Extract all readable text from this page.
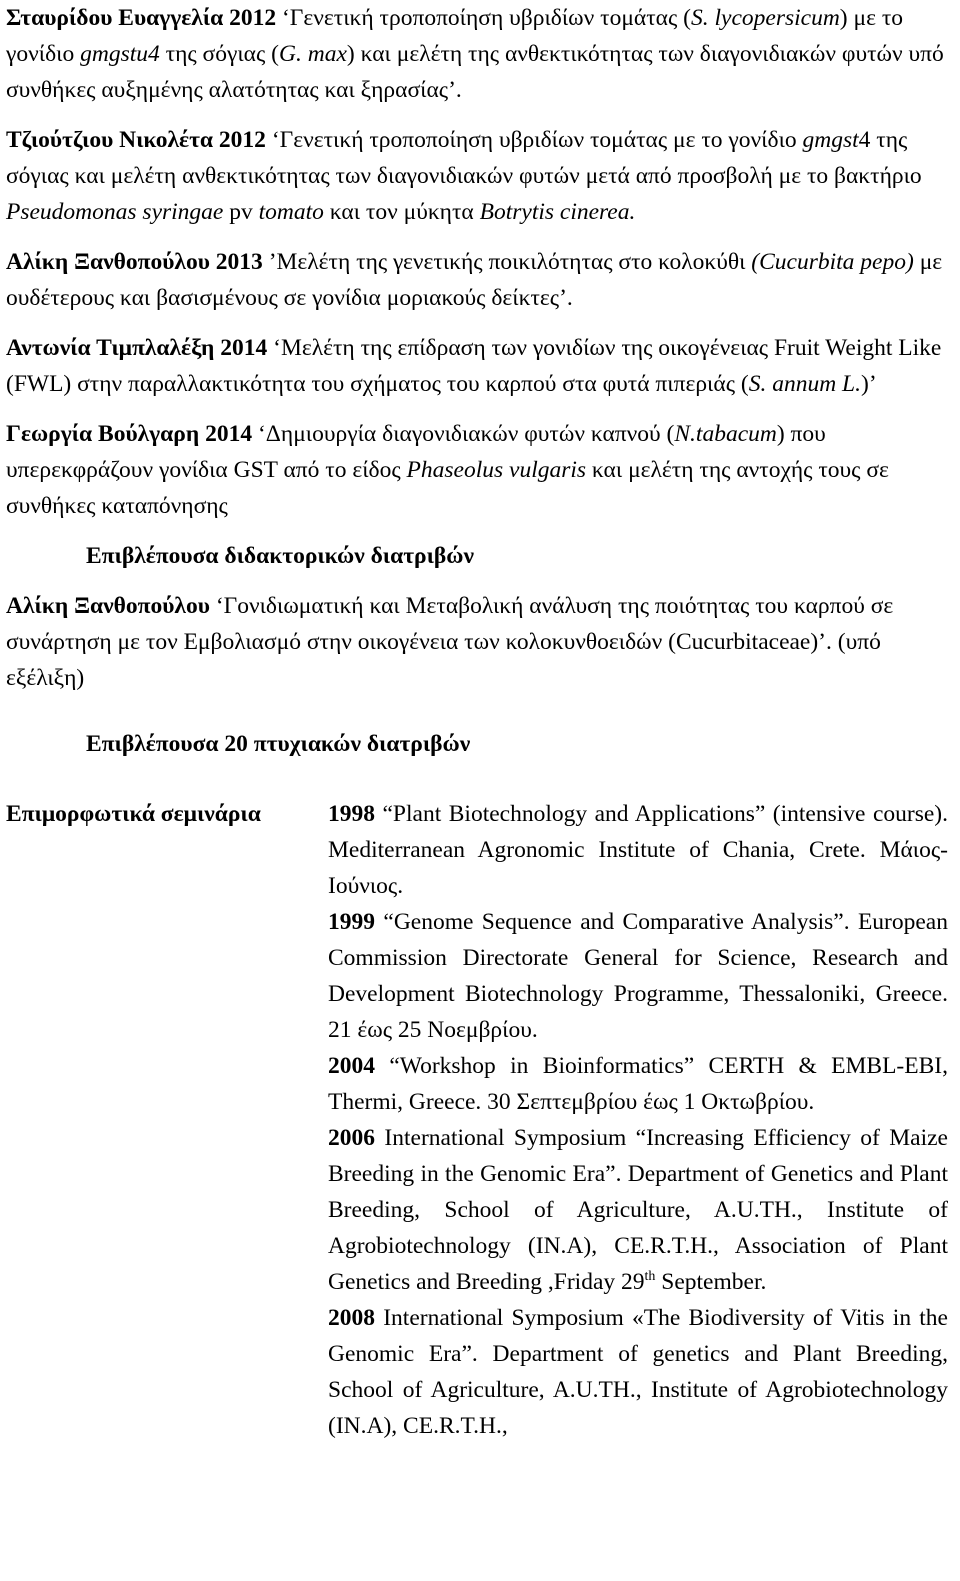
Σταυρίδου Ευαγγελία 2012 ‘Γενετική τροποποίηση υβριδίων τομάτας (S. lycopersicum) με το γονίδιο gmgstu4 της σόγιας (G. max) και μελέτη της ανθεκτικότητας των διαγονιδιακών φυτών υπό συνθήκες αυξημένης αλατότητας και ξηρασίας’.
Τζιούτζιου Νικολέτα 2012 ‘Γενετική τροποποίηση υβριδίων τομάτας με το γονίδιο gmgst4 της σόγιας και μελέτη ανθεκτικότητας των διαγονιδιακών φυτών μετά από προσβολή με το βακτήριο Pseudomonas syringae pv tomato και τον μύκητα Botrytis cinerea.
Αλίκη Ξανθοπούλου 2013 ’Μελέτη της γενετικής ποικιλότητας στο κολοκύθι (Cucurbita pepo) με ουδέτερους και βασισμένους σε γονίδια μοριακούς δείκτες’.
Αντωνία Τιμπλαλέξη 2014 ‘Μελέτη της επίδραση των γονιδίων της οικογένειας Fruit Weight Like (FWL) στην παραλλακτικότητα του σχήματος του καρπού στα φυτά πιπεριάς (S. annum L.)’
Γεωργία Βούλγαρη 2014 ‘Δημιουργία διαγονιδιακών φυτών καπνού (N.tabacum) που υπερεκφράζουν γονίδια GST από το είδος Phaseolus vulgaris και μελέτη της αντοχής τους σε συνθήκες καταπόνησης
Επιβλέπουσα διδακτορικών διατριβών
Αλίκη Ξανθοπούλου ‘Γονιδιωματική και Μεταβολική ανάλυση της ποιότητας του καρπού σε συνάρτηση με τον Εμβολιασμό στην οικογένεια των κολοκυνθοειδών (Cucurbitaceae)’. (υπό εξέλιξη)
Επιβλέπουσα 20 πτυχιακών διατριβών
Επιμορφωτικά σεμινάρια	1998 “Plant Biotechnology and Applications” (intensive course). Mediterranean Agronomic Institute of Chania, Crete. Μάιος-Ιούνιος.
1999 “Genome Sequence and Comparative Analysis”. European Commission Directorate General for Science, Research and Development Biotechnology Programme, Thessaloniki, Greece. 21 έως 25 Νοεμβρίου.
2004 “Workshop in Bioinformatics” CERTH & EMBL-EBI, Thermi, Greece. 30 Σεπτεμβρίου έως 1 Οκτωβρίου.
2006 International Symposium “Increasing Efficiency of Maize Breeding in the Genomic Era”. Department of Genetics and Plant Breeding, School of Agriculture, A.U.TH., Institute of Agrobiotechnology (IN.A), CE.R.T.H., Association of Plant Genetics and Breeding ,Friday 29th September.
2008 International Symposium «The Biodiversity of Vitis in the Genomic Era”. Department of genetics and Plant Breeding, School of Agriculture, A.U.TH., Institute of Agrobiotechnology (IN.A), CE.R.T.H.,
